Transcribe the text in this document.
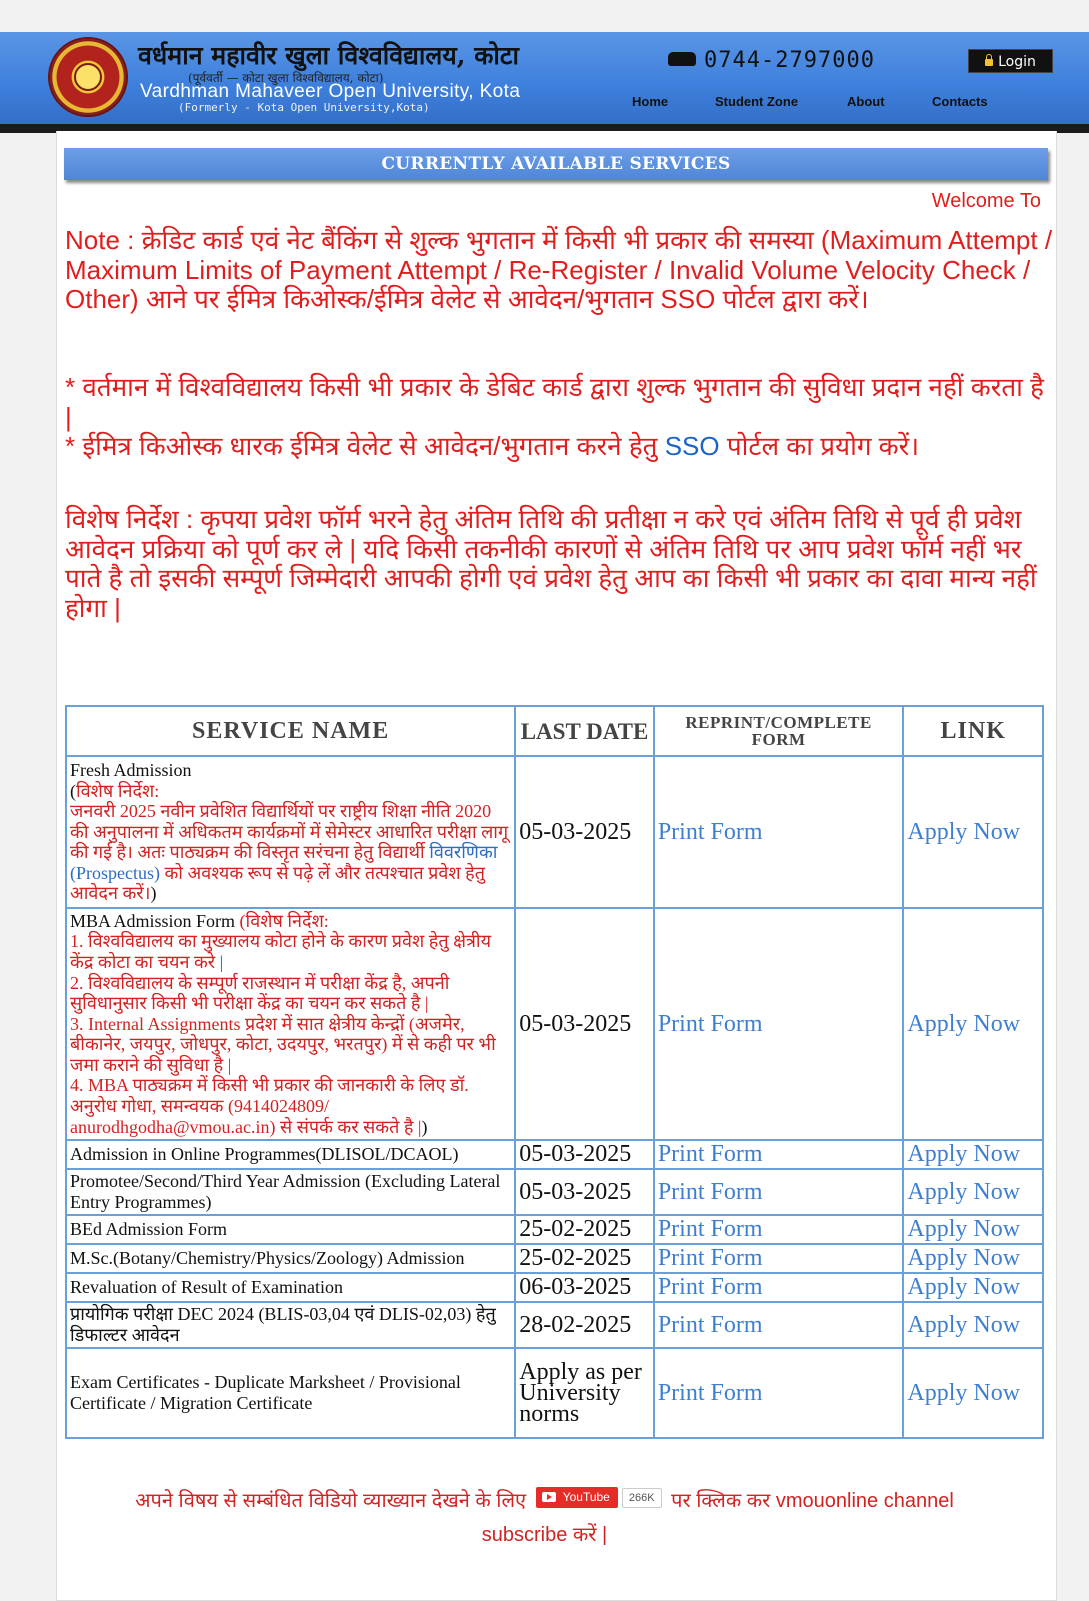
वर्धमान महावीर खुला विश्वविद्यालय, कोटा
(पूर्ववर्ती — कोटा खुला विश्वविद्यालय, कोटा)
Vardhman Mahaveer Open University, Kota
(Formerly - Kota Open University,Kota)
0744-2797000	Login
Home	Student Zone	About	Contacts
CURRENTLY AVAILABLE SERVICES
Welcome To

Note : क्रेडिट कार्ड एवं नेट बैंकिंग से शुल्क भुगतान में किसी भी प्रकार की समस्या (Maximum Attempt / Maximum Limits of Payment Attempt / Re-Register / Invalid Volume Velocity Check / Other) आने पर ईमित्र किओस्क/ईमित्र वेलेट से आवेदन/भुगतान SSO पोर्टल द्वारा करें।

* वर्तमान में विश्वविद्यालय किसी भी प्रकार के डेबिट कार्ड द्वारा शुल्क भुगतान की सुविधा प्रदान नहीं करता है |

* ईमित्र किओस्क धारक ईमित्र वेलेट से आवेदन/भुगतान करने हेतु SSO पोर्टल का प्रयोग करें।

विशेष निर्देश : कृपया प्रवेश फॉर्म भरने हेतु अंतिम तिथि की प्रतीक्षा न करे एवं अंतिम तिथि से पूर्व ही प्रवेश आवेदन प्रक्रिया को पूर्ण कर ले | यदि किसी तकनीकी कारणों से अंतिम तिथि पर आप प्रवेश फॉर्म नहीं भर पाते है तो इसकी सम्पूर्ण जिम्मेदारी आपकी होगी एवं प्रवेश हेतु आप का किसी भी प्रकार का दावा मान्य नहीं होगा |

SERVICE NAME	LAST DATE	REPRINT/COMPLETE FORM	LINK
Fresh Admission
(विशेष निर्देश:
जनवरी 2025 नवीन प्रवेशित विद्यार्थियों पर राष्ट्रीय शिक्षा नीति 2020 की अनुपालना में अधिकतम कार्यक्रमों में सेमेस्टर आधारित परीक्षा लागू की गई है। अतः पाठ्यक्रम की विस्तृत सरंचना हेतु विद्यार्थी विवरणिका (Prospectus) को अवश्यक रूप से पढ़े लें और तत्पश्चात प्रवेश हेतु आवेदन करें।)	05-03-2025	Print Form	Apply Now
MBA Admission Form (विशेष निर्देश:
1. विश्वविद्यालय का मुख्यालय कोटा होने के कारण प्रवेश हेतु क्षेत्रीय केंद्र कोटा का चयन करे |
2. विश्वविद्यालय के सम्पूर्ण राजस्थान में परीक्षा केंद्र है, अपनी सुविधानुसार किसी भी परीक्षा केंद्र का चयन कर सकते है |
3. Internal Assignments प्रदेश में सात क्षेत्रीय केन्द्रों (अजमेर, बीकानेर, जयपुर, जोधपुर, कोटा, उदयपुर, भरतपुर) में से कही पर भी जमा कराने की सुविधा है |
4. MBA पाठ्यक्रम में किसी भी प्रकार की जानकारी के लिए डॉ. अनुरोध गोधा, समन्वयक (9414024809/ anurodhgodha@vmou.ac.in) से संपर्क कर सकते है |)	05-03-2025	Print Form	Apply Now
Admission in Online Programmes(DLISOL/DCAOL)	05-03-2025	Print Form	Apply Now
Promotee/Second/Third Year Admission (Excluding Lateral Entry Programmes)	05-03-2025	Print Form	Apply Now
BEd Admission Form	25-02-2025	Print Form	Apply Now
M.Sc.(Botany/Chemistry/Physics/Zoology) Admission	25-02-2025	Print Form	Apply Now
Revaluation of Result of Examination	06-03-2025	Print Form	Apply Now
प्रायोगिक परीक्षा DEC 2024 (BLIS-03,04 एवं DLIS-02,03) हेतु डिफाल्टर आवेदन	28-02-2025	Print Form	Apply Now
Exam Certificates - Duplicate Marksheet / Provisional Certificate / Migration Certificate	Apply as per University norms	Print Form	Apply Now
अपने विषय से सम्बंधित विडियो व्याख्यान देखने के लिए	YouTube 266K पर क्लिक कर vmouonline channel
subscribe करें |
